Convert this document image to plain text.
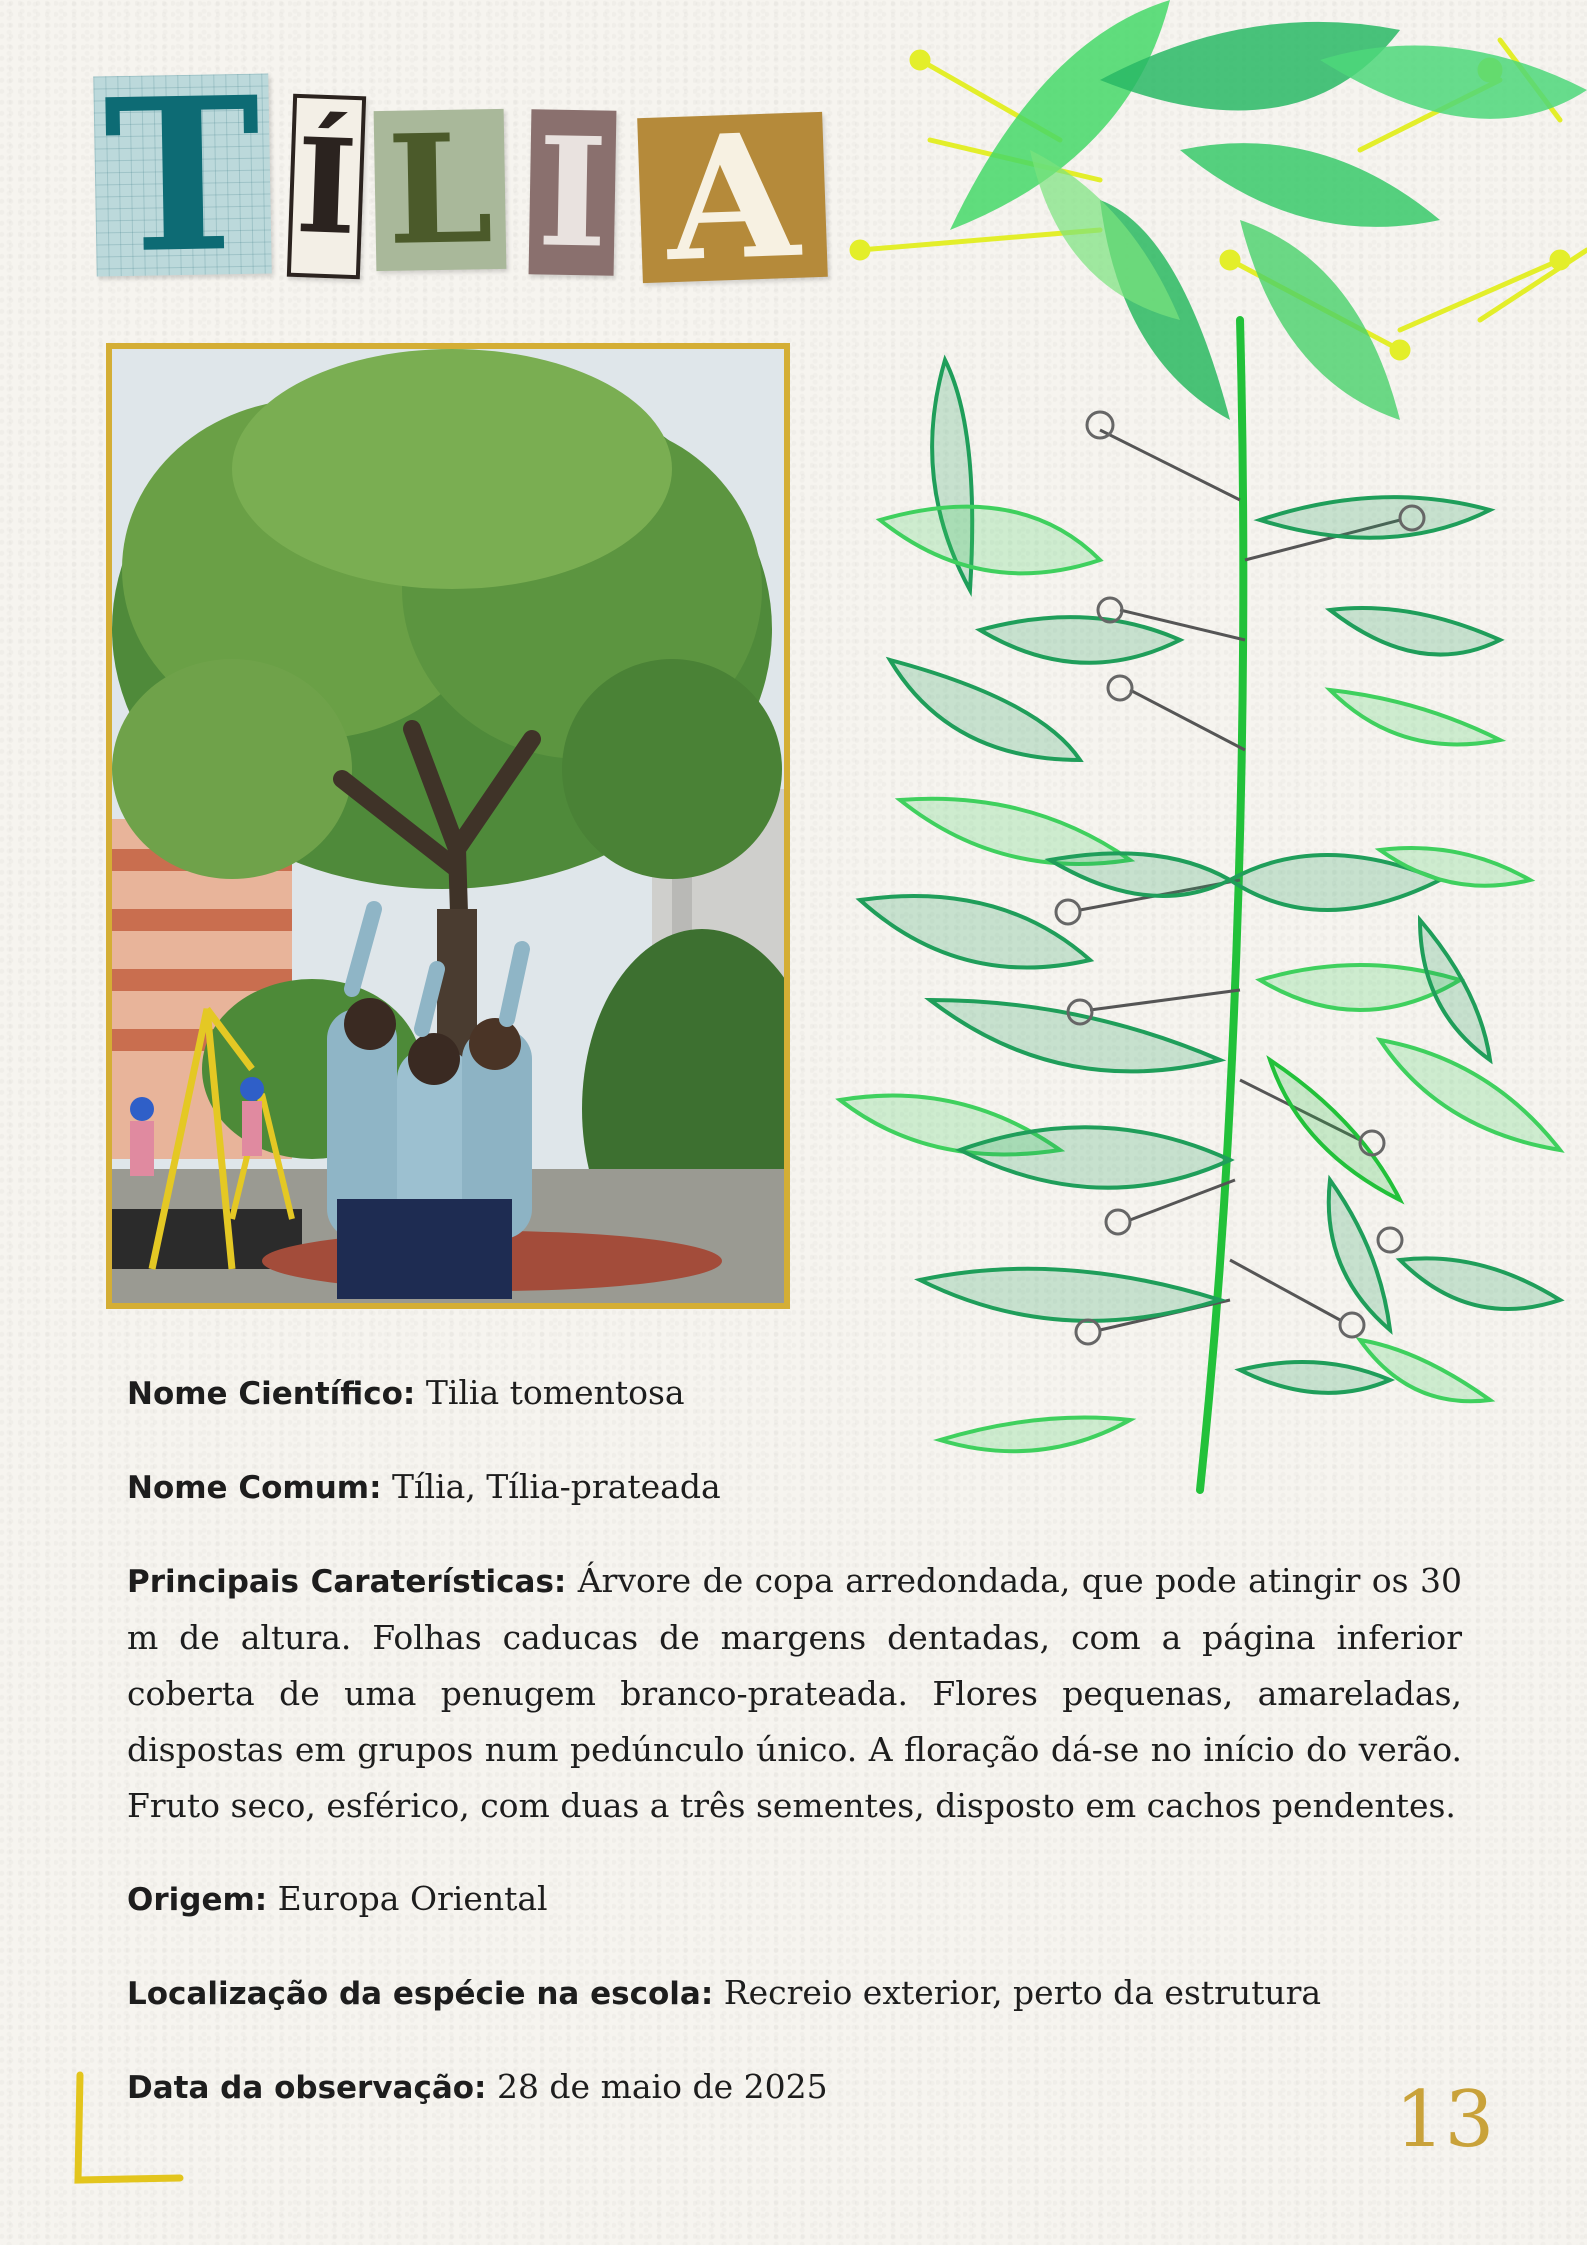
T Í L I A

Nome Científico: Tilia tomentosa

Nome Comum: Tília, Tília-prateada

Principais Caraterísticas: Árvore de copa arredondada, que pode atingir os 30 m de altura. Folhas caducas de margens dentadas, com a página inferior coberta de uma penugem branco-prateada. Flores pequenas, amareladas, dispostas em grupos num pedúnculo único. A floração dá-se no início do verão. Fruto seco, esférico, com duas a três sementes, disposto em cachos pendentes.

Origem: Europa Oriental

Localização da espécie na escola: Recreio exterior, perto da estrutura

Data da observação: 28 de maio de 2025	13
